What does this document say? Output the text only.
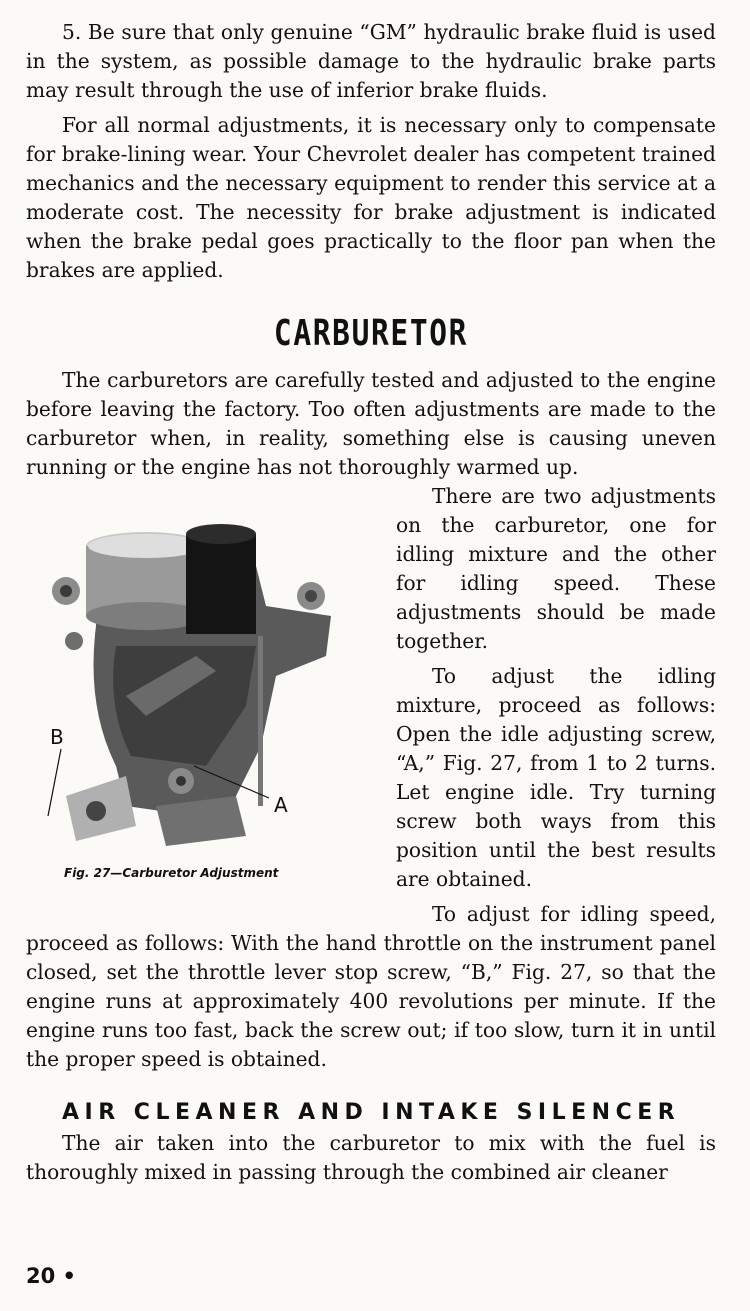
5. Be sure that only genuine “GM” hydraulic brake fluid is used in the system, as possible damage to the hydraulic brake parts may result through the use of inferior brake fluids.

For all normal adjustments, it is necessary only to compensate for brake-lining wear. Your Chevrolet dealer has competent trained mechanics and the necessary equipment to render this service at a moderate cost. The necessity for brake adjustment is indicated when the brake pedal goes practically to the floor pan when the brakes are applied.

CARBURETOR

The carburetors are carefully tested and adjusted to the engine before leaving the factory. Too often adjustments are made to the carburetor when, in reality, something else is causing uneven running or the engine has not thoroughly warmed up.

A
B
Fig. 27—Carburetor Adjustment

There are two adjustments on the carburetor, one for idling mixture and the other for idling speed. These adjustments should be made together.

To adjust the idling mixture, proceed as follows: Open the idle adjusting screw, “A,” Fig. 27, from 1 to 2 turns. Let engine idle. Try turning screw both ways from this position until the best results are obtained.

To adjust for idling speed, proceed as follows: With the hand throttle on the instrument panel closed, set the throttle lever stop screw, “B,” Fig. 27, so that the engine runs at approximately 400 revolutions per minute. If the engine runs too fast, back the screw out; if too slow, turn it in until the proper speed is obtained.

AIR CLEANER AND INTAKE SILENCER

The air taken into the carburetor to mix with the fuel is thoroughly mixed in passing through the combined air cleaner

20 •
